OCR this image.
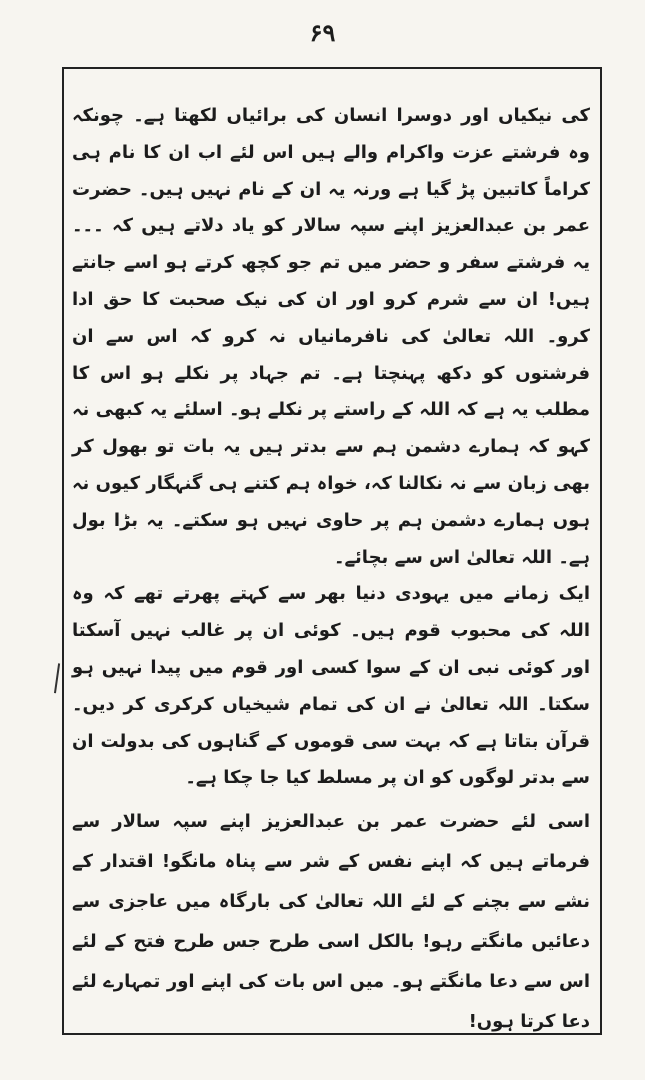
۶۹

کی نیکیاں اور دوسرا انسان کی برائیاں لکھتا ہے۔ چونکہ وہ فرشتے عزت واکرام والے ہیں اس لئے اب ان کا نام ہی کراماً کاتبین پڑ گیا ہے ورنہ یہ ان کے نام نہیں ہیں۔ حضرت عمر بن عبدالعزیز اپنے سپہ سالار کو یاد دلاتے ہیں کہ ۔۔۔ یہ فرشتے سفر و حضر میں تم جو کچھ کرتے ہو اسے جانتے ہیں! ان سے شرم کرو اور ان کی نیک صحبت کا حق ادا کرو۔ اللہ تعالیٰ کی نافرمانیاں نہ کرو کہ اس سے ان فرشتوں کو دکھ پہنچتا ہے۔ تم جہاد پر نکلے ہو اس کا مطلب یہ ہے کہ اللہ کے راستے پر نکلے ہو۔ اسلئے یہ کبھی نہ کہو کہ ہمارے دشمن ہم سے بدتر ہیں یہ بات تو بھول کر بھی زبان سے نہ نکالنا کہ، خواہ ہم کتنے ہی گنہگار کیوں نہ ہوں ہمارے دشمن ہم پر حاوی نہیں ہو سکتے۔ یہ بڑا بول ہے۔ اللہ تعالیٰ اس سے بچائے۔

ایک زمانے میں یہودی دنیا بھر سے کہتے پھرتے تھے کہ وہ اللہ کی محبوب قوم ہیں۔ کوئی ان پر غالب نہیں آسکتا اور کوئی نبی ان کے سوا کسی اور قوم میں پیدا نہیں ہو سکتا۔ اللہ تعالیٰ نے ان کی تمام شیخیاں کرکری کر دیں۔ قرآن بتاتا ہے کہ بہت سی قوموں کے گناہوں کی بدولت ان سے بدتر لوگوں کو ان پر مسلط کیا جا چکا ہے۔

اسی لئے حضرت عمر بن عبدالعزیز اپنے سپہ سالار سے فرماتے ہیں کہ اپنے نفس کے شر سے پناہ مانگو! اقتدار کے نشے سے بچنے کے لئے اللہ تعالیٰ کی بارگاہ میں عاجزی سے دعائیں مانگتے رہو! بالکل اسی طرح جس طرح فتح کے لئے اس سے دعا مانگتے ہو۔ میں اس بات کی اپنے اور تمہارے لئے دعا کرتا ہوں!
